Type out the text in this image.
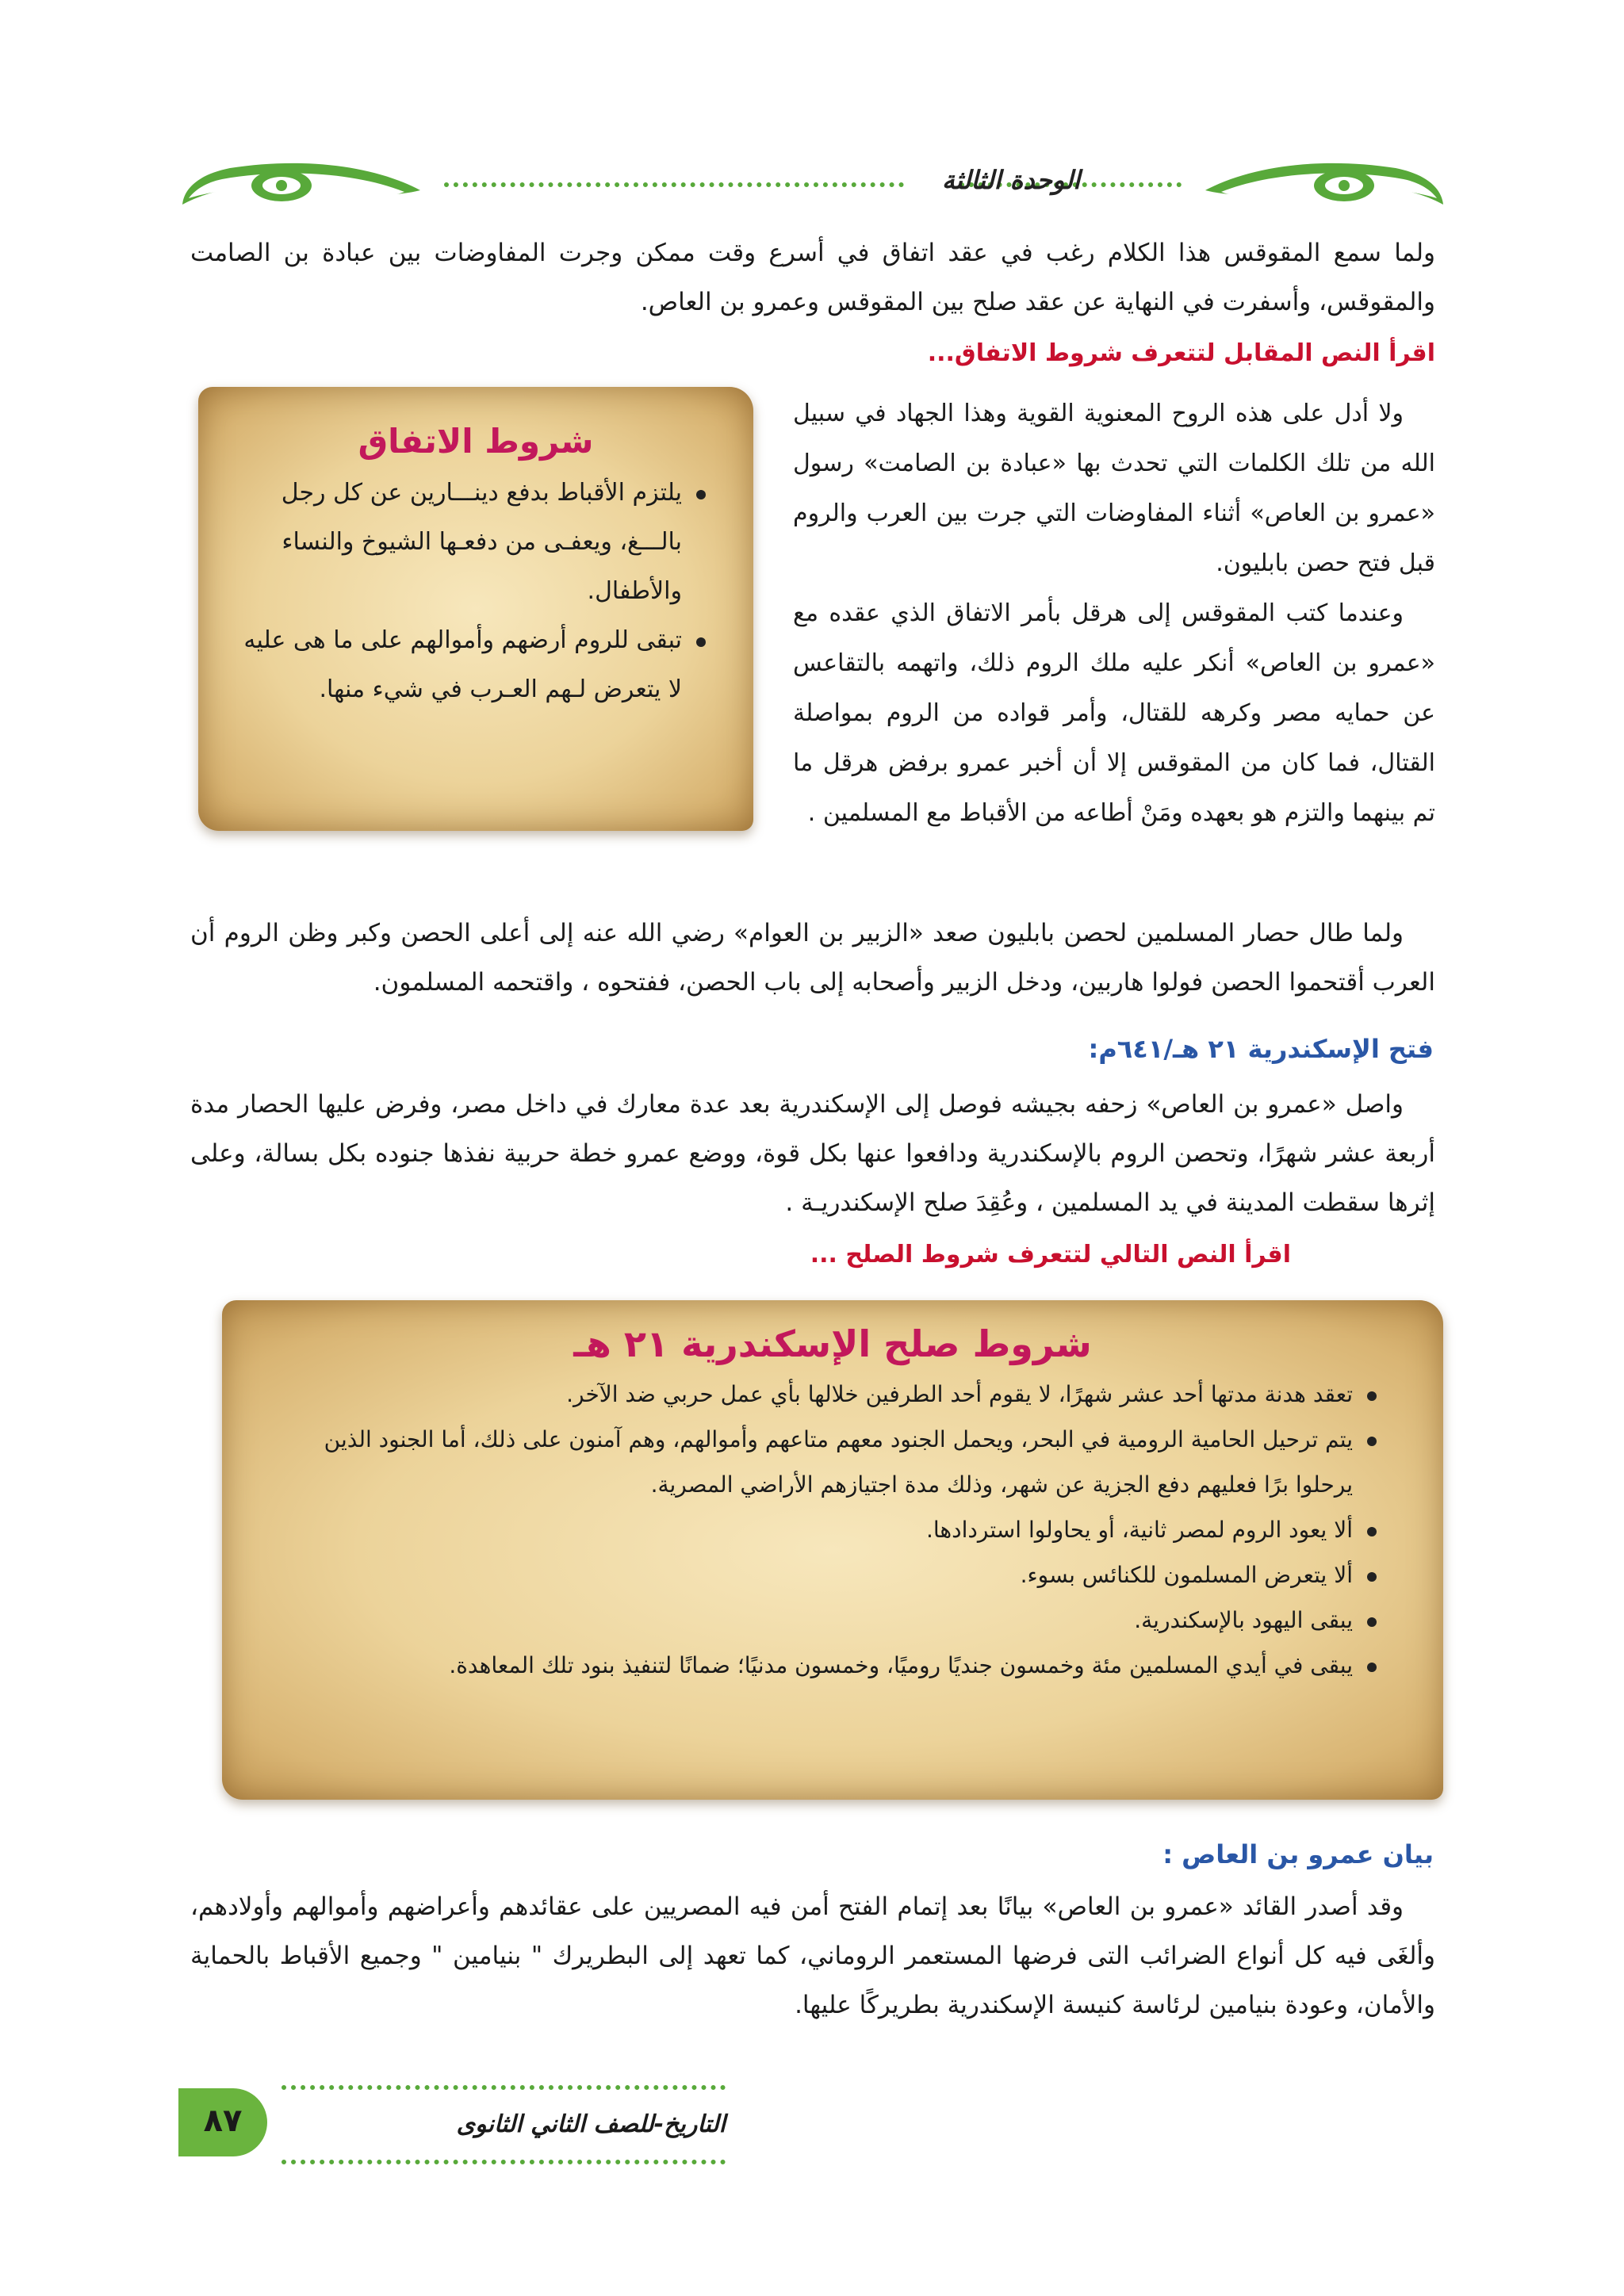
الوحدة الثالثة
ولما سمع المقوقس هذا الكلام رغب في عقد اتفاق في أسرع وقت ممكن وجرت المفاوضات بين عبادة بن الصامت والمقوقس، وأسفرت في النهاية عن عقد صلح بين المقوقس وعمرو بن العاص.
اقرأ النص المقابل لتتعرف شروط الاتفاق...
ولا أدل على هذه الروح المعنوية القوية وهذا الجهاد في سبيل الله من تلك الكلمات التي تحدث بها «عبادة بن الصامت» رسول «عمرو بن العاص» أثناء المفاوضات التي جرت بين العرب والروم قبل فتح حصن بابليون.
وعندما كتب المقوقس إلى هرقل بأمر الاتفاق الذي عقده مع «عمرو بن العاص» أنكر عليه ملك الروم ذلك، واتهمه بالتقاعس عن حمايه مصر وكرهه للقتال، وأمر قواده من الروم بمواصلة القتال، فما كان من المقوقس إلا أن أخبر عمرو برفض هرقل ما تم بينهما والتزم هو بعهده ومَنْ أطاعه من الأقباط مع المسلمين .
شروط الاتفاق
يلتزم الأقباط بدفع دينـــارين عن كل رجل بالـــغ، ويعفـى من دفعـها الشيوخ والنساء والأطفال.
تبقى للروم أرضهم وأموالهم على ما هى عليه لا يتعرض لـهم العـرب في شيء منها.
ولما طال حصار المسلمين لحصن بابليون صعد «الزبير بن العوام» رضي الله عنه إلى أعلى الحصن وكبر وظن الروم أن العرب أقتحموا الحصن فولوا هاربين، ودخل الزبير وأصحابه إلى باب الحصن، ففتحوه ، واقتحمه المسلمون.
فتح الإسكندرية ٢١ هـ/٦٤١م:
واصل «عمرو بن العاص» زحفه بجيشه فوصل إلى الإسكندرية بعد عدة معارك في داخل مصر، وفرض عليها الحصار مدة أربعة عشر شهرًا، وتحصن الروم بالإسكندرية ودافعوا عنها بكل قوة، ووضع عمرو خطة حربية نفذها جنوده بكل بسالة، وعلى إثرها سقطت المدينة في يد المسلمين ، وعُقِدَ صلح الإسكندريـة .
اقرأ النص التالي لتتعرف شروط الصلح ...
شروط صلح الإسكندرية ٢١ هـ
تعقد هدنة مدتها أحد عشر شهرًا، لا يقوم أحد الطرفين خلالها بأي عمل حربي ضد الآخر.
يتم ترحيل الحامية الرومية في البحر، ويحمل الجنود معهم متاعهم وأموالهم، وهم آمنون على ذلك، أما الجنود الذين يرحلوا برًا فعليهم دفع الجزية عن شهر، وذلك مدة اجتيازهم الأراضي المصرية.
ألا يعود الروم لمصر ثانية، أو يحاولوا استردادها.
ألا يتعرض المسلمون للكنائس بسوء.
يبقى اليهود بالإسكندرية.
يبقى في أيدي المسلمين مئة وخمسون جنديًا روميًا، وخمسون مدنيًا؛ ضمانًا لتنفيذ بنود تلك المعاهدة.
بيان عمرو بن العاص :
وقد أصدر القائد «عمرو بن العاص» بيانًا بعد إتمام الفتح أمن فيه المصريين على عقائدهم وأعراضهم وأموالهم وأولادهم، وألغَى فيه كل أنواع الضرائب التى فرضها المستعمر الروماني، كما تعهد إلى البطريرك " بنيامين " وجميع الأقباط بالحماية والأمان، وعودة بنيامين لرئاسة كنيسة الإسكندرية بطريركًا عليها.
٨٧	التاريخ-للصف الثاني الثانوى
